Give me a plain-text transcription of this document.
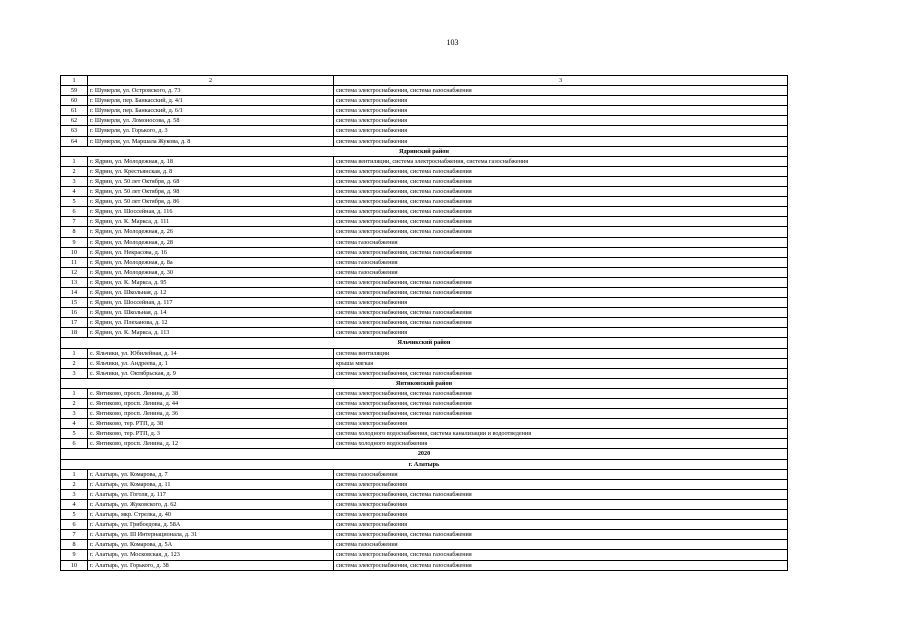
103
1	2	3
59	г. Шумерля, ул. Островского, д. 73	система электроснабжения, система газоснабжения
60	г. Шумерля, пер. Банкасский, д. 4/1	система электроснабжения
61	г. Шумерля, пер. Банкасский, д. 6/1	система электроснабжения
62	г. Шумерля, ул. Ломоносова, д. 58	система электроснабжения
63	г. Шумерля, ул. Горького, д. 3	система электроснабжения
64	г. Шумерля, ул. Маршала Жукова, д. 8	система электроснабжения
Ядринский район		
1	г. Ядрин, ул. Молодежная, д. 18	система вентиляции, система электроснабжения, система газоснабжения
2	г. Ядрин, ул. Крестьянская, д. 8	система электроснабжения, система газоснабжения
3	г. Ядрин, ул. 50 лет Октября, д. 68	система электроснабжения, система газоснабжения
4	г. Ядрин, ул. 50 лет Октября, д. 98	система электроснабжения, система газоснабжения
5	г. Ядрин, ул. 50 лет Октября, д. 86	система электроснабжения, система газоснабжения
6	г. Ядрин, ул. Шоссейная, д. 116	система электроснабжения, система газоснабжения
7	г. Ядрин, ул. К. Маркса, д. 111	система электроснабжения, система газоснабжения
8	г. Ядрин, ул. Молодежная, д. 26	система электроснабжения, система газоснабжения
9	г. Ядрин, ул. Молодежная, д. 28	система газоснабжения
10	г. Ядрин, ул. Некрасова, д. 16	система электроснабжения, система газоснабжения
11	г. Ядрин, ул. Молодежная, д. 8а	система газоснабжения
12	г. Ядрин, ул. Молодежная, д. 30	система газоснабжения
13	г. Ядрин, ул. К. Маркса, д. 95	система электроснабжения, система газоснабжения
14	г. Ядрин, ул. Школьная, д. 12	система электроснабжения, система газоснабжения
15	г. Ядрин, ул. Шоссейная, д. 117	система электроснабжения
16	г. Ядрин, ул. Школьная, д. 14	система электроснабжения, система газоснабжения
17	г. Ядрин, ул. Плеханова, д. 12	система электроснабжения, система газоснабжения
18	г. Ядрин, ул. К. Маркса, д. 113	система электроснабжения
Яльчикский район		
1	с. Яльчики, ул. Юбилейная, д. 14	система вентиляции
2	с. Яльчики, ул. Андреева, д. 1	крыша мягкая
3	с. Яльчики, ул. Октябрьская, д. 9	система электроснабжения, система газоснабжения
Янтиковский район		
1	с. Янтиково, просп. Ленина, д. 38	система электроснабжения, система газоснабжения
2	с. Янтиково, просп. Ленина, д. 44	система электроснабжения, система газоснабжения
3	с. Янтиково, просп. Ленина, д. 36	система электроснабжения, система газоснабжения
4	с. Янтиково, тер. РТП, д. 38	система электроснабжения
5	с. Янтиково, тер. РТП, д. 3	система холодного водоснабжения, система канализации и водоотведения
6	с. Янтиково, просп. Ленина, д. 12	система холодного водоснабжения
2020		
г. Алатырь		
1	г. Алатырь, ул. Комарова, д. 7	система газоснабжения
2	г. Алатырь, ул. Комарова, д. 11	система электроснабжения
3	г. Алатырь, ул. Гоголя, д. 117	система электроснабжения, система газоснабжения
4	г. Алатырь, ул. Жуковского, д. 62	система электроснабжения
5	г. Алатырь, мкр. Стрелка, д. 40	система электроснабжения
6	г. Алатырь, ул. Грибоедова, д. 58А	система электроснабжения
7	г. Алатырь, ул. III Интернационала, д. 31	система электроснабжения, система газоснабжения
8	г. Алатырь, ул. Комарова, д. 5А	система газоснабжения
9	г. Алатырь, ул. Московская, д. 123	система электроснабжения, система газоснабжения
10	г. Алатырь, ул. Горького, д. 38	система электроснабжения, система газоснабжения
